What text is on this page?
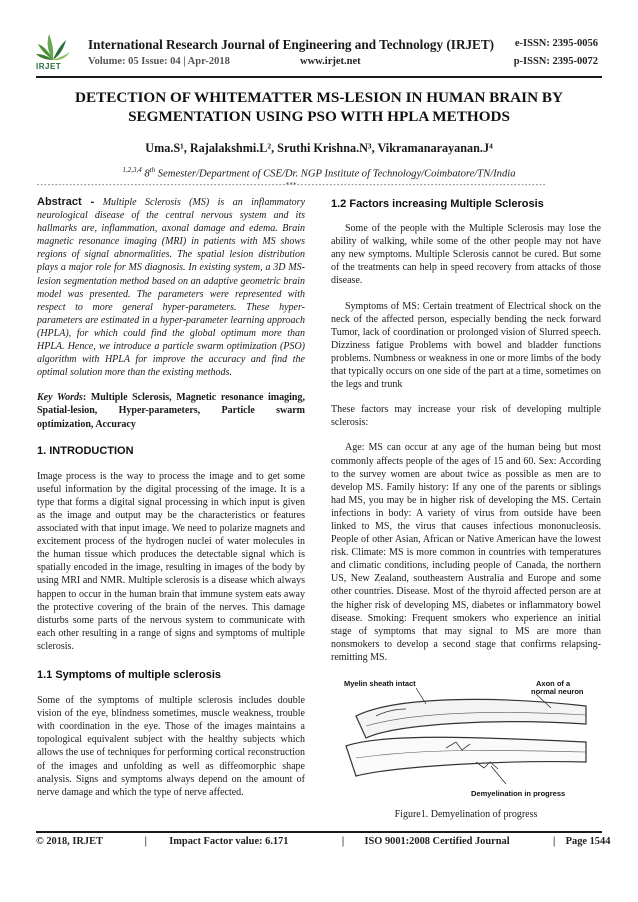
IRJET
International Research Journal of Engineering and Technology (IRJET)
Volume: 05 Issue: 04 | Apr-2018	www.irjet.net
e-ISSN: 2395-0056
p-ISSN: 2395-0072
DETECTION OF WHITEMATTER MS-LESION IN HUMAN BRAIN BY
SEGMENTATION USING PSO WITH HPLA METHODS
Uma.S¹, Rajalakshmi.L², Sruthi Krishna.N³, Vikramanarayanan.J⁴
$^{1,2,3,4}$ 8th Semester/Department of CSE/Dr. NGP Institute of Technology/Coimbatore/TN/India
---------------------------------------------------------------------***---------------------------------------------------------------------

Abstract - Multiple Sclerosis (MS) is an inflammatory neurological disease of the central nervous system and its hallmarks are, inflammation, axonal damage and edema. Brain magnetic resonance imaging (MRI) in patients with MS shows regions of signal abnormalities. The spatial lesion distribution plays a major role for MS diagnosis. In existing system, a 3D MS-lesion segmentation method based on an adaptive geometric brain model was presented. The parameters were represented with respect to more general hyper-parameters. These hyper-parameters are estimated in a hyper-parameter learning approach (HPLA), for which could find the global optimum more than HPLA. Hence, we introduce a particle swarm optimization (PSO) algorithm with HPLA for improve the accuracy and find the optimal solution more than the existing methods.

Key Words: Multiple Sclerosis, Magnetic resonance imaging, Spatial-lesion, Hyper-parameters, Particle swarm optimization, Accuracy

1. INTRODUCTION

Image process is the way to process the image and to get some useful information by the digital processing of the image. It is a type that forms a digital signal processing in which input is given as the image and output may be the characteristics or features associated with that input image. We need to polarize magnets and excitement process of the hydrogen nuclei of water molecules in the human tissue which produces the detectable signal which is spatially encoded in the image, resulting in images of the body by using MRI and NMR. Multiple sclerosis is a disease which always happen to occur in the human brain that immune system eats away the protective covering of the brain of the nerves. This damage disturbs some parts of the nervous system to communicate with each other resulting in a range of signs and symptoms of multiple sclerosis.

1.1 Symptoms of multiple sclerosis

Some of the symptoms of multiple sclerosis includes double vision of the eye, blindness sometimes, muscle weakness, trouble with coordination in the eye. Those of the images maintains a topological equivalent subject with the healthy subjects which allows the use of techniques for performing cortical reconstruction of the images and unfolding as well as diffeomorphic shape analysis. Signs and symptoms always depend on the amount of nerve damage and which the type of nerve affected.

1.2 Factors increasing Multiple Sclerosis

Some of the people with the Multiple Sclerosis may lose the ability of walking, while some of the other people may not have any new symptoms. Multiple Sclerosis cannot be cured. But some of the treatments can help in speed recovery from attacks of those disease.

Symptoms of MS: Certain treatment of Electrical shock on the neck of the affected person, especially bending the neck forward Tumor, lack of coordination or prolonged vision of Slurred speech. Dizziness fatigue Problems with bowel and bladder functions problems. Numbness or weakness in one or more limbs of the body that typically occurs on one side of the part at a time, sometimes on the legs and trunk

These factors may increase your risk of developing multiple sclerosis:

Age: MS can occur at any age of the human being but most commonly affects people of the ages of 15 and 60. Sex: According to the survey women are about twice as possible as men are to develop MS. Family history: If any one of the parents or siblings had MS, you may be in higher risk of developing the MS. Certain infections in body: A variety of virus from outside have been linked to MS, the virus that causes infectious mononucleosis. People of other Asian, African or Native American have the lowest risk. Climate: MS is more common in countries with temperatures and climatic conditions, including people of Canada, the northern US, New Zealand, southeastern Australia and Europe and some other countries. Disease. Most of the thyroid affected person are at the higher risk of developing MS, diabetes or inflammatory bowel disease. Smoking: Frequent smokers who experience an initial stage of symptoms that may signal to MS are more than nonsmokers to develop a second stage that confirms relapsing-remitting MS.

Myelin sheath intact	Axon of a
normal neuron
Demyelination in progress
Figure1. Demyelination of progress
© 2018, IRJET	| Impact Factor value: 6.171	| ISO 9001:2008 Certified Journal	| Page 1544
